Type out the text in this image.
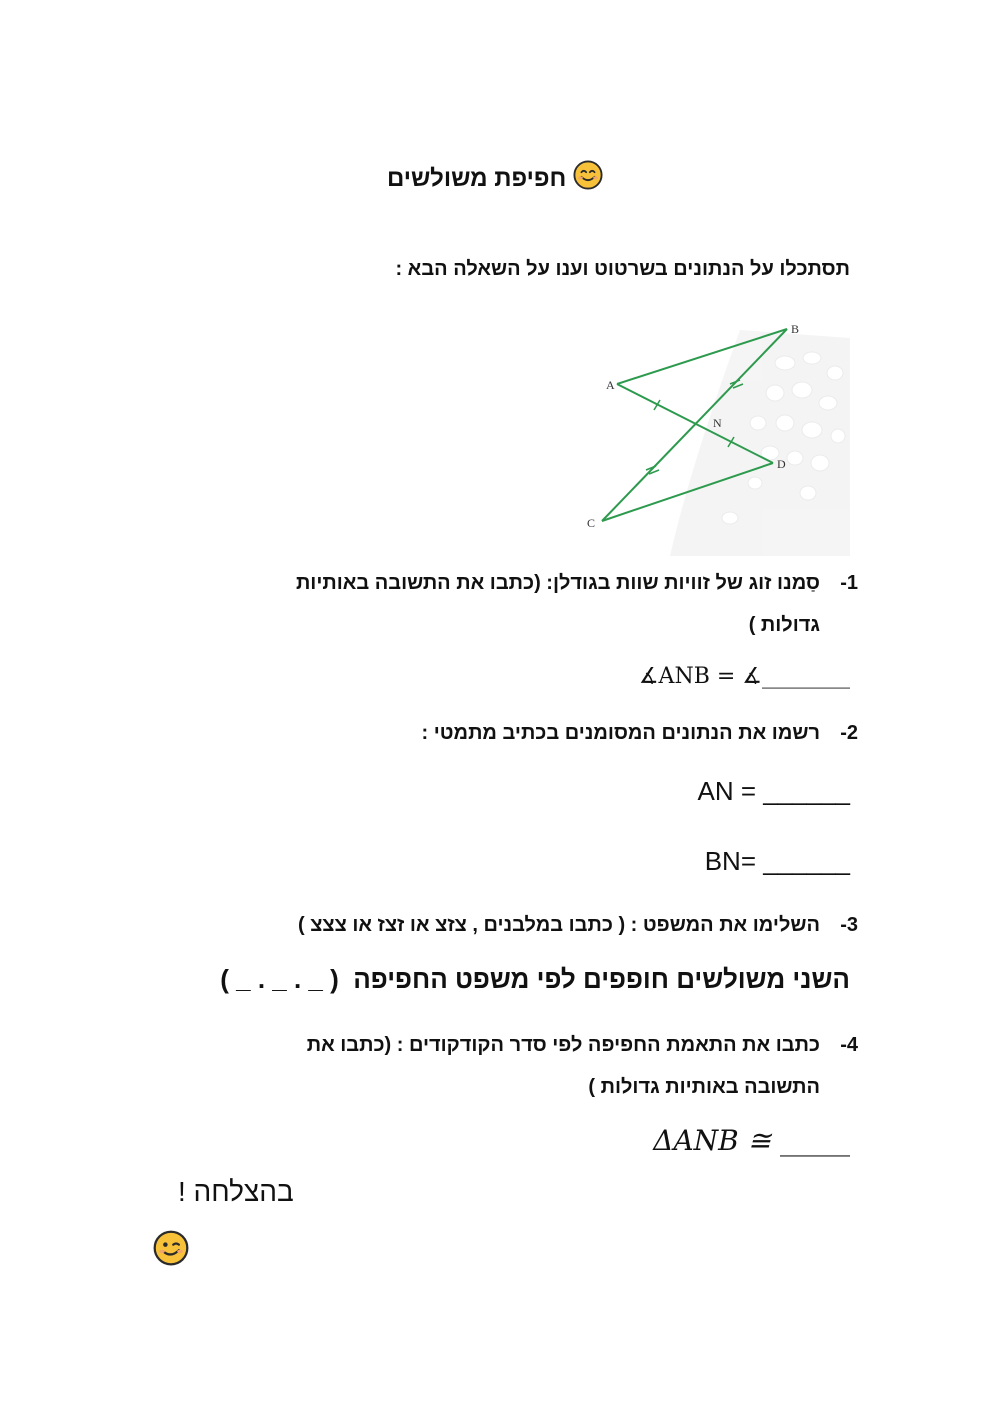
חפיפת משולשים
תסתכלו על הנתונים בשרטוט וענו על השאלה הבא :
A
B
C
D
N
1-
סַמנו זוג של זוויות שוות בגודלן: (כתבו את התשובה באותיות
גדולות )
∡ANB = ∡________
2-
רשמו את הנתונים המסומנים בכתיב מתמטי :
AN = ______
BN= ______
3-
השלימו את המשפט : ( כתבו במלבנים , צזצ או זצז או צצצ )
השני משולשים חופפים לפי משפט החפיפה  ( _ . _ . _ )
4-
כתבו את התאמת החפיפה לפי סדר הקודקודים : (כתבו את
התשובה באותיות גדולות )
ΔANB ≅ _____
בהצלחה !
